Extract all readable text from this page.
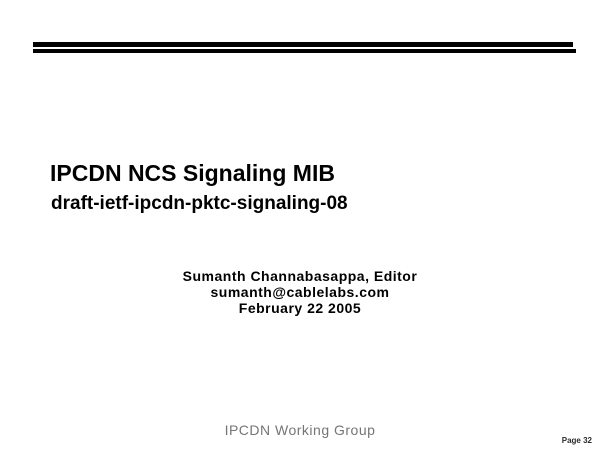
IPCDN NCS Signaling MIB
draft-ietf-ipcdn-pktc-signaling-08
Sumanth Channabasappa, Editor
sumanth@cablelabs.com
February 22 2005
IPCDN Working Group
Page 32
